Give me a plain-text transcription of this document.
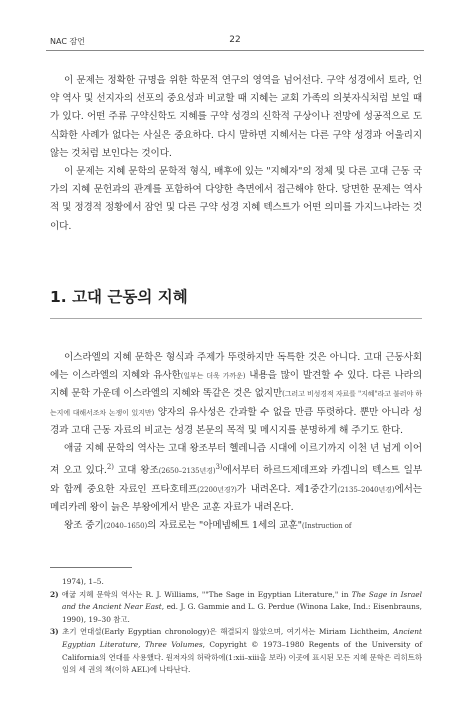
NAC 잠언	22

이 문제는 정확한 규명을 위한 학문적 연구의 영역을 넘어선다. 구약 성경에서 토라, 언약 역사 및 선지자의 선포의 중요성과 비교할 때 지혜는 교회 가족의 의붓자식처럼 보일 때가 있다. 어떤 주류 구약신학도 지혜를 구약 성경의 신학적 구상이나 전망에 성공적으로 도식화한 사례가 없다는 사실은 중요하다. 다시 말하면 지혜서는 다른 구약 성경과 어울리지 않는 것처럼 보인다는 것이다.

이 문제는 지혜 문학의 문학적 형식, 배후에 있는 "지혜자"의 정체 및 다른 고대 근동 국가의 지혜 문헌과의 관계를 포함하여 다양한 측면에서 접근해야 한다. 당면한 문제는 역사적 및 정경적 정황에서 잠언 및 다른 구약 성경 지혜 텍스트가 어떤 의미를 가지느냐라는 것이다.

1. 고대 근동의 지혜

이스라엘의 지혜 문학은 형식과 주제가 뚜렷하지만 독특한 것은 아니다. 고대 근동사회에는 이스라엘의 지혜와 유사한(일부는 더욱 가까운) 내용을 많이 발견할 수 있다. 다른 나라의 지혜 문학 가운데 이스라엘의 지혜와 똑같은 것은 없지만(그러고 비성경적 자료를 "지혜"라고 불러야 하는지에 대해서조차 논쟁이 있지만) 양자의 유사성은 간과할 수 없을 만큼 뚜렷하다. 뿐만 아니라 성경과 고대 근동 자료의 비교는 성경 본문의 목적 및 메시지를 분명하게 해 주기도 한다.

애굽 지혜 문학의 역사는 고대 왕조부터 헬레니즘 시대에 이르기까지 이천 년 넘게 이어져 오고 있다.$^{2)}$ 고대 왕조(2650–2135년경)$^{3)}$에서부터 하르드제데프와 카겜니의 텍스트 일부와 함께 중요한 자료인 프타호테프(2200년경?)가 내려온다. 제1중간기(2135–2040년경)에서는 메리카레 왕이 늙은 부왕에게서 받은 교훈 자료가 내려온다.

왕조 중기(2040–1650)의 자료로는 "아메넴헤트 1세의 교훈"(Instruction of

1974), 1–5.
2) 애굽 지혜 문학의 역사는 R. J. Williams, ""The Sage in Egyptian Literature," in The Sage in Israel and the Ancient Near East, ed. J. G. Gammie and L. G. Perdue (Winona Lake, Ind.: Eisenbrauns, 1990), 19–30 참고.
3) 초기 연대설(Early Egyptian chronology)은 해결되지 않았으며, 여기서는 Miriam Lichtheim, Ancient Egyptian Literature, Three Volumes, Copyright © 1973–1980 Regents of the University of California의 연대를 사용했다. 원저자의 허락하에(1:xii–xiii을 보라) 이곳에 표시된 모든 지혜 문학은 리히트하임의 세 권의 책(이하 AEL)에 나타난다.
